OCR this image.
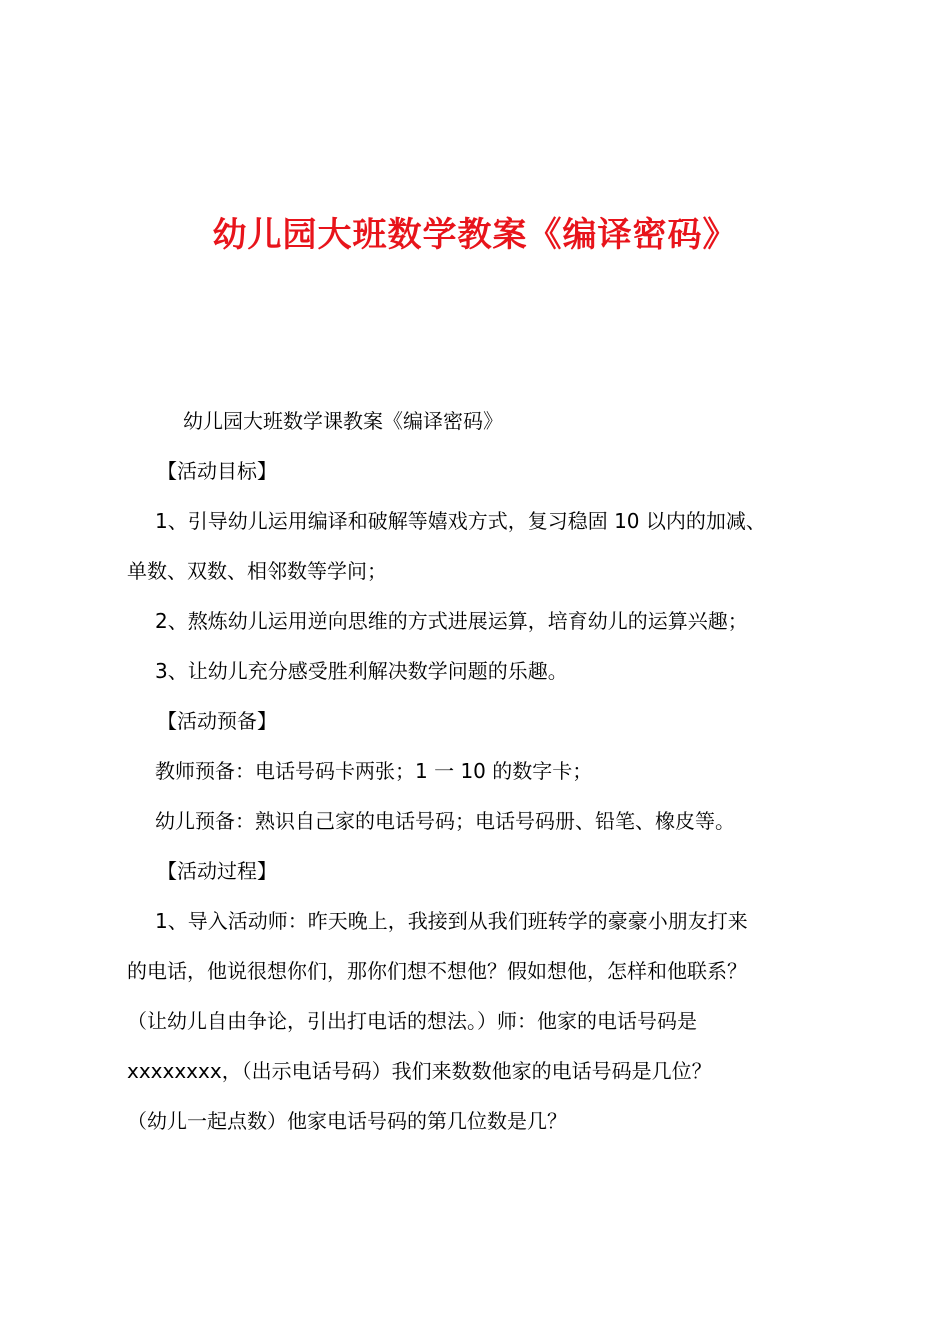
幼儿园大班数学教案《编译密码》

幼儿园大班数学课教案《编译密码》

【活动目标】

1、引导幼儿运用编译和破解等嬉戏方式，复习稳固 10 以内的加减、

单数、双数、相邻数等学问；

2、熬炼幼儿运用逆向思维的方式进展运算，培育幼儿的运算兴趣；

3、让幼儿充分感受胜利解决数学问题的乐趣。

【活动预备】

教师预备：电话号码卡两张；1 一 10 的数字卡；

幼儿预备：熟识自己家的电话号码；电话号码册、铅笔、橡皮等。

【活动过程】

1、导入活动师：昨天晚上，我接到从我们班转学的豪豪小朋友打来

的电话，他说很想你们，那你们想不想他？假如想他，怎样和他联系？

（让幼儿自由争论，引出打电话的想法。）师：他家的电话号码是

xxxxxxxx，（出示电话号码）我们来数数他家的电话号码是几位？

（幼儿一起点数）他家电话号码的第几位数是几？
